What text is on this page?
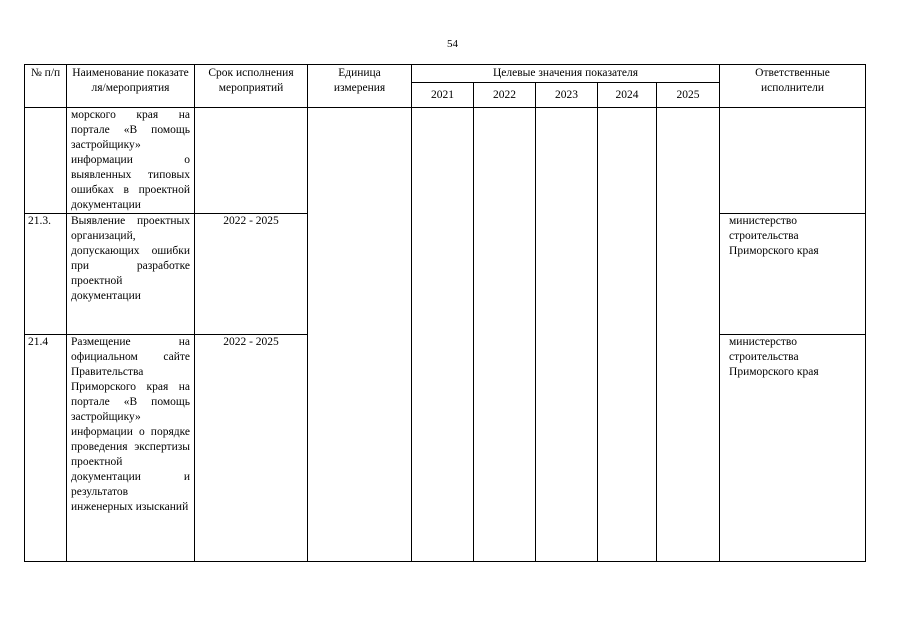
54
№ п/п	Наименование показателя/мероприятия	Срок исполнения мероприятий	Единица измерения	Целевые значения показателя					Ответственные исполнители
				2021	2022	2023	2024	2025	
	морского края на портале «В помощь застройщику» информации о выявленных типовых ошибках в проектной документации								
21.3.	Выявление проектных организаций, допускающих ошибки при разработке проектной документации	2022 - 2025							министерство строительства Приморского края
21.4	Размещение на официальном сайте Правительства Приморского края на портале «В помощь застройщику» информации о порядке проведения экспертизы проектной документации и результатов инженерных изысканий	2022 - 2025							министерство строительства Приморского края
